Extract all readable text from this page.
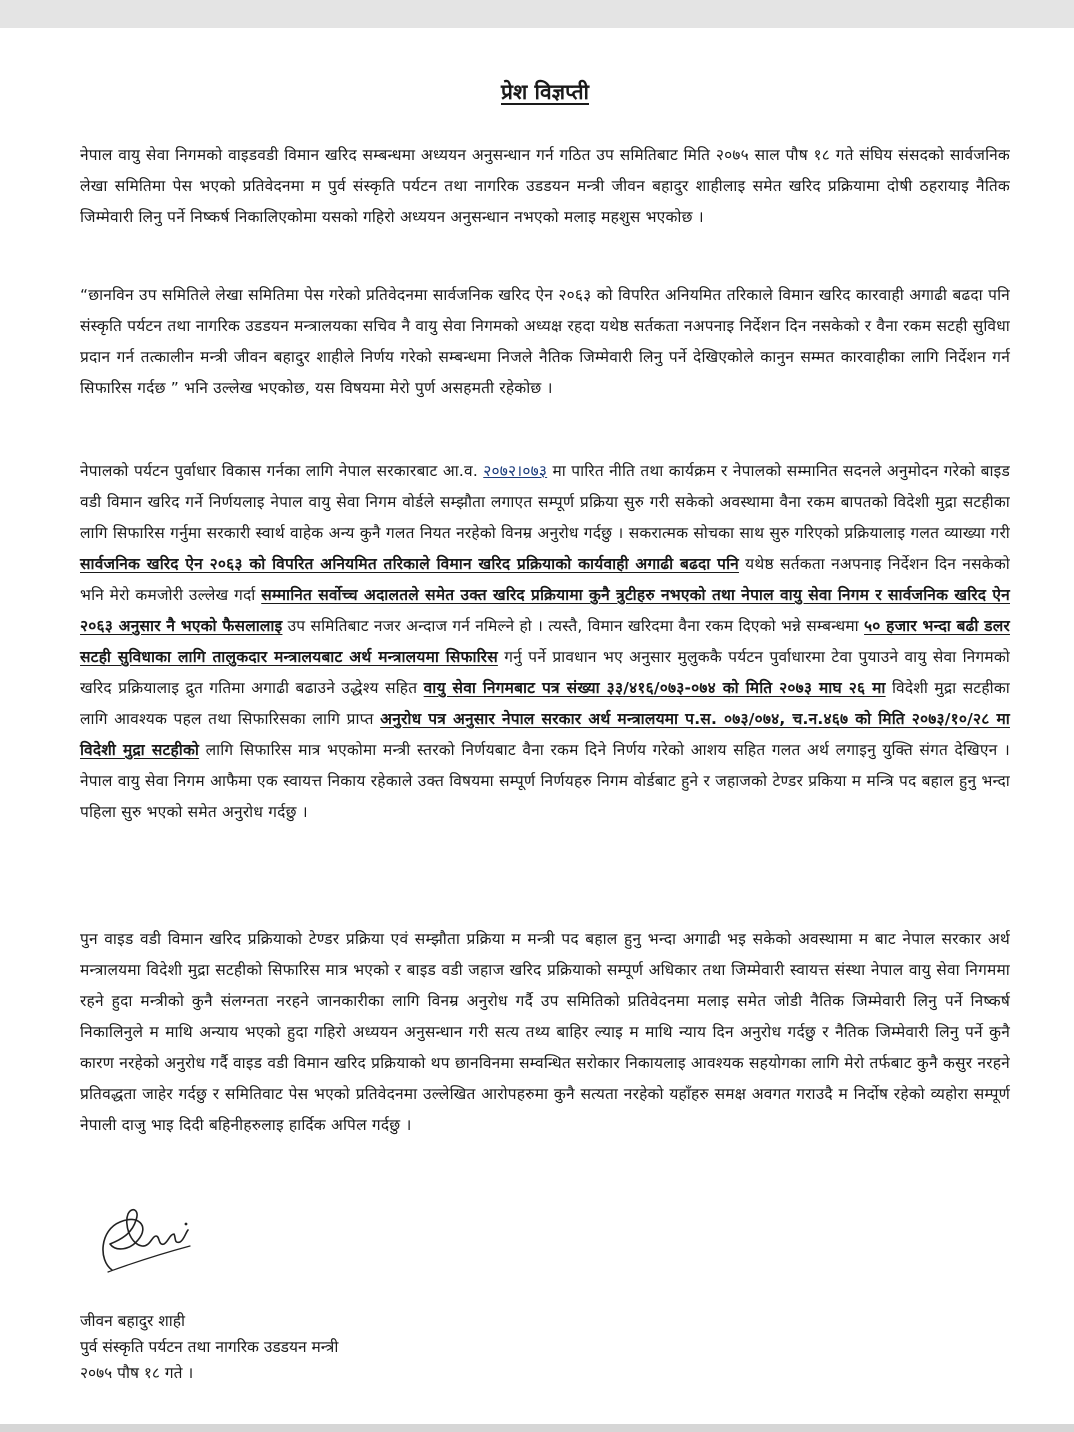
प्रेश विज्ञप्ती

नेपाल वायु सेवा निगमको वाइडवडी विमान खरिद सम्बन्धमा अध्ययन अनुसन्धान गर्न गठित उप समितिबाट मिति २०७५ साल पौष १८ गते संघिय संसदको सार्वजनिक लेखा समितिमा पेस भएको प्रतिवेदनमा म पुर्व संस्कृति पर्यटन तथा नागरिक उडडयन मन्त्री जीवन बहादुर शाहीलाइ समेत खरिद प्रक्रियामा दोषी ठहरायाइ नैतिक जिम्मेवारी लिनु पर्ने निष्कर्ष निकालिएकोमा यसको गहिरो अध्ययन अनुसन्धान नभएको मलाइ महशुस भएकोछ ।

“छानविन उप समितिले लेखा समितिमा पेस गरेको प्रतिवेदनमा सार्वजनिक खरिद ऐन २०६३ को विपरित अनियमित तरिकाले विमान खरिद कारवाही अगाढी बढदा पनि संस्कृति पर्यटन तथा नागरिक उडडयन मन्त्रालयका सचिव नै वायु सेवा निगमको अध्यक्ष रहदा यथेष्ठ सर्तकता नअपनाइ निर्देशन दिन नसकेको र वैना रकम सटही सुविधा प्रदान गर्न तत्कालीन मन्त्री जीवन बहादुर शाहीले निर्णय गरेको सम्बन्धमा निजले नैतिक जिम्मेवारी लिनु पर्ने देखिएकोले कानुन सम्मत कारवाहीका लागि निर्देशन गर्न सिफारिस गर्दछ ” भनि उल्लेख भएकोछ, यस विषयमा मेरो पुर्ण असहमती रहेकोछ ।

नेपालको पर्यटन पुर्वाधार विकास गर्नका लागि नेपाल सरकारबाट आ.व. २०७२।०७३ मा पारित नीति तथा कार्यक्रम र नेपालको सम्मानित सदनले अनुमोदन गरेको बाइड वडी विमान खरिद गर्ने निर्णयलाइ नेपाल वायु सेवा निगम वोर्डले सम्झौता लगाएत सम्पूर्ण प्रक्रिया सुरु गरी सकेको अवस्थामा वैना रकम बापतको विदेशी मुद्रा सटहीका लागि सिफारिस गर्नुमा सरकारी स्वार्थ वाहेक अन्य कुनै गलत नियत नरहेको विनम्र अनुरोध गर्दछु । सकरात्मक सोचका साथ सुरु गरिएको प्रक्रियालाइ गलत व्याख्या गरी सार्वजनिक खरिद ऐन २०६३ को विपरित अनियमित तरिकाले विमान खरिद प्रक्रियाको कार्यवाही अगाढी बढदा पनि यथेष्ठ सर्तकता नअपनाइ निर्देशन दिन नसकेको भनि मेरो कमजोरी उल्लेख गर्दा सम्मानित सर्वोच्च अदालतले समेत उक्त खरिद प्रक्रियामा कुनै त्रुटीहरु नभएको तथा नेपाल वायु सेवा निगम र सार्वजनिक खरिद ऐन २०६३ अनुसार नै भएको फैसलालाइ उप समितिबाट नजर अन्दाज गर्न नमिल्ने हो । त्यस्तै, विमान खरिदमा वैना रकम दिएको भन्ने सम्बन्धमा ५० हजार भन्दा बढी डलर सटही सुविधाका लागि तालुकदार मन्त्रालयबाट अर्थ मन्त्रालयमा सिफारिस गर्नु पर्ने प्रावधान भए अनुसार मुलुककै पर्यटन पुर्वाधारमा टेवा पुयाउने वायु सेवा निगमको खरिद प्रक्रियालाइ द्रुत गतिमा अगाढी बढाउने उद्धेश्य सहित वायु सेवा निगमबाट पत्र संख्या ३३/४१६/०७३-०७४ को मिति २०७३ माघ २६ मा विदेशी मुद्रा सटहीका लागि आवश्यक पहल तथा सिफारिसका लागि प्राप्त अनुरोध पत्र अनुसार नेपाल सरकार अर्थ मन्त्रालयमा प.स. ०७३/०७४, च.न.४६७ को मिति २०७३/१०/२८ मा विदेशी मुद्रा सटहीको लागि सिफारिस मात्र भएकोमा मन्त्री स्तरको निर्णयबाट वैना रकम दिने निर्णय गरेको आशय सहित गलत अर्थ लगाइनु युक्ति संगत देखिएन । नेपाल वायु सेवा निगम आफैमा एक स्वायत्त निकाय रहेकाले उक्त विषयमा सम्पूर्ण निर्णयहरु निगम वोर्डबाट हुने र जहाजको टेण्डर प्रकिया म मन्त्रि पद बहाल हुनु भन्दा पहिला सुरु भएको समेत अनुरोध गर्दछु ।

पुन वाइड वडी विमान खरिद प्रक्रियाको टेण्डर प्रक्रिया एवं सम्झौता प्रक्रिया म मन्त्री पद बहाल हुनु भन्दा अगाढी भइ सकेको अवस्थामा म बाट नेपाल सरकार अर्थ मन्त्रालयमा विदेशी मुद्रा सटहीको सिफारिस मात्र भएको र बाइड वडी जहाज खरिद प्रक्रियाको सम्पूर्ण अधिकार तथा जिम्मेवारी स्वायत्त संस्था नेपाल वायु सेवा निगममा रहने हुदा मन्त्रीको कुनै संलग्नता नरहने जानकारीका लागि विनम्र अनुरोध गर्दै उप समितिको प्रतिवेदनमा मलाइ समेत जोडी नैतिक जिम्मेवारी लिनु पर्ने निष्कर्ष निकालिनुले म माथि अन्याय भएको हुदा गहिरो अध्ययन अनुसन्धान गरी सत्य तथ्य बाहिर ल्याइ म माथि न्याय दिन अनुरोध गर्दछु र नैतिक जिम्मेवारी लिनु पर्ने कुनै कारण नरहेको अनुरोध गर्दै वाइड वडी विमान खरिद प्रक्रियाको थप छानविनमा सम्वन्धित सरोकार निकायलाइ आवश्यक सहयोगका लागि मेरो तर्फबाट कुनै कसुर नरहने प्रतिवद्धता जाहेर गर्दछु र समितिवाट पेस भएको प्रतिवेदनमा उल्लेखित आरोपहरुमा कुनै सत्यता नरहेको यहाँहरु समक्ष अवगत गराउदै म निर्दोष रहेको व्यहोरा सम्पूर्ण नेपाली दाजु भाइ दिदी बहिनीहरुलाइ हार्दिक अपिल गर्दछु ।

जीवन बहादुर शाही
पुर्व संस्कृति पर्यटन तथा नागरिक उडडयन मन्त्री
२०७५ पौष १८ गते ।
